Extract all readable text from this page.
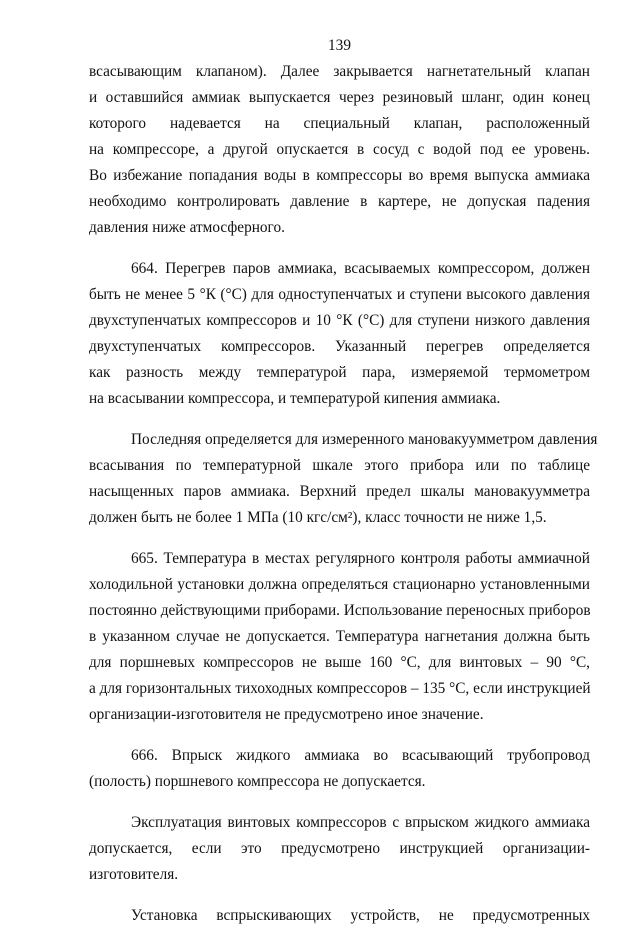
139
всасывающим клапаном). Далее закрывается нагнетательный клапан
и оставшийся аммиак выпускается через резиновый шланг, один конец
которого надевается на специальный клапан, расположенный
на компрессоре, а другой опускается в сосуд с водой под ее уровень.
Во избежание попадания воды в компрессоры во время выпуска аммиака
необходимо контролировать давление в картере, не допуская падения
давления ниже атмосферного.
664. Перегрев паров аммиака, всасываемых компрессором, должен
быть не менее 5 °К (°С) для одноступенчатых и ступени высокого давления
двухступенчатых компрессоров и 10 °К (°С) для ступени низкого давления
двухступенчатых компрессоров. Указанный перегрев определяется
как разность между температурой пара, измеряемой термометром
на всасывании компрессора, и температурой кипения аммиака.
Последняя определяется для измеренного мановакуумметром давления
всасывания по температурной шкале этого прибора или по таблице
насыщенных паров аммиака. Верхний предел шкалы мановакуумметра
должен быть не более 1 МПа (10 кгс/см²), класс точности не ниже 1,5.
665. Температура в местах регулярного контроля работы аммиачной
холодильной установки должна определяться стационарно установленными
постоянно действующими приборами. Использование переносных приборов
в указанном случае не допускается. Температура нагнетания должна быть
для поршневых компрессоров не выше 160 °С, для винтовых – 90 °С,
а для горизонтальных тихоходных компрессоров – 135 °С, если инструкцией
организации-изготовителя не предусмотрено иное значение.
666. Впрыск жидкого аммиака во всасывающий трубопровод
(полость) поршневого компрессора не допускается.
Эксплуатация винтовых компрессоров с впрыском жидкого аммиака
допускается, если это предусмотрено инструкцией организации-
изготовителя.
Установка вспрыскивающих устройств, не предусмотренных
